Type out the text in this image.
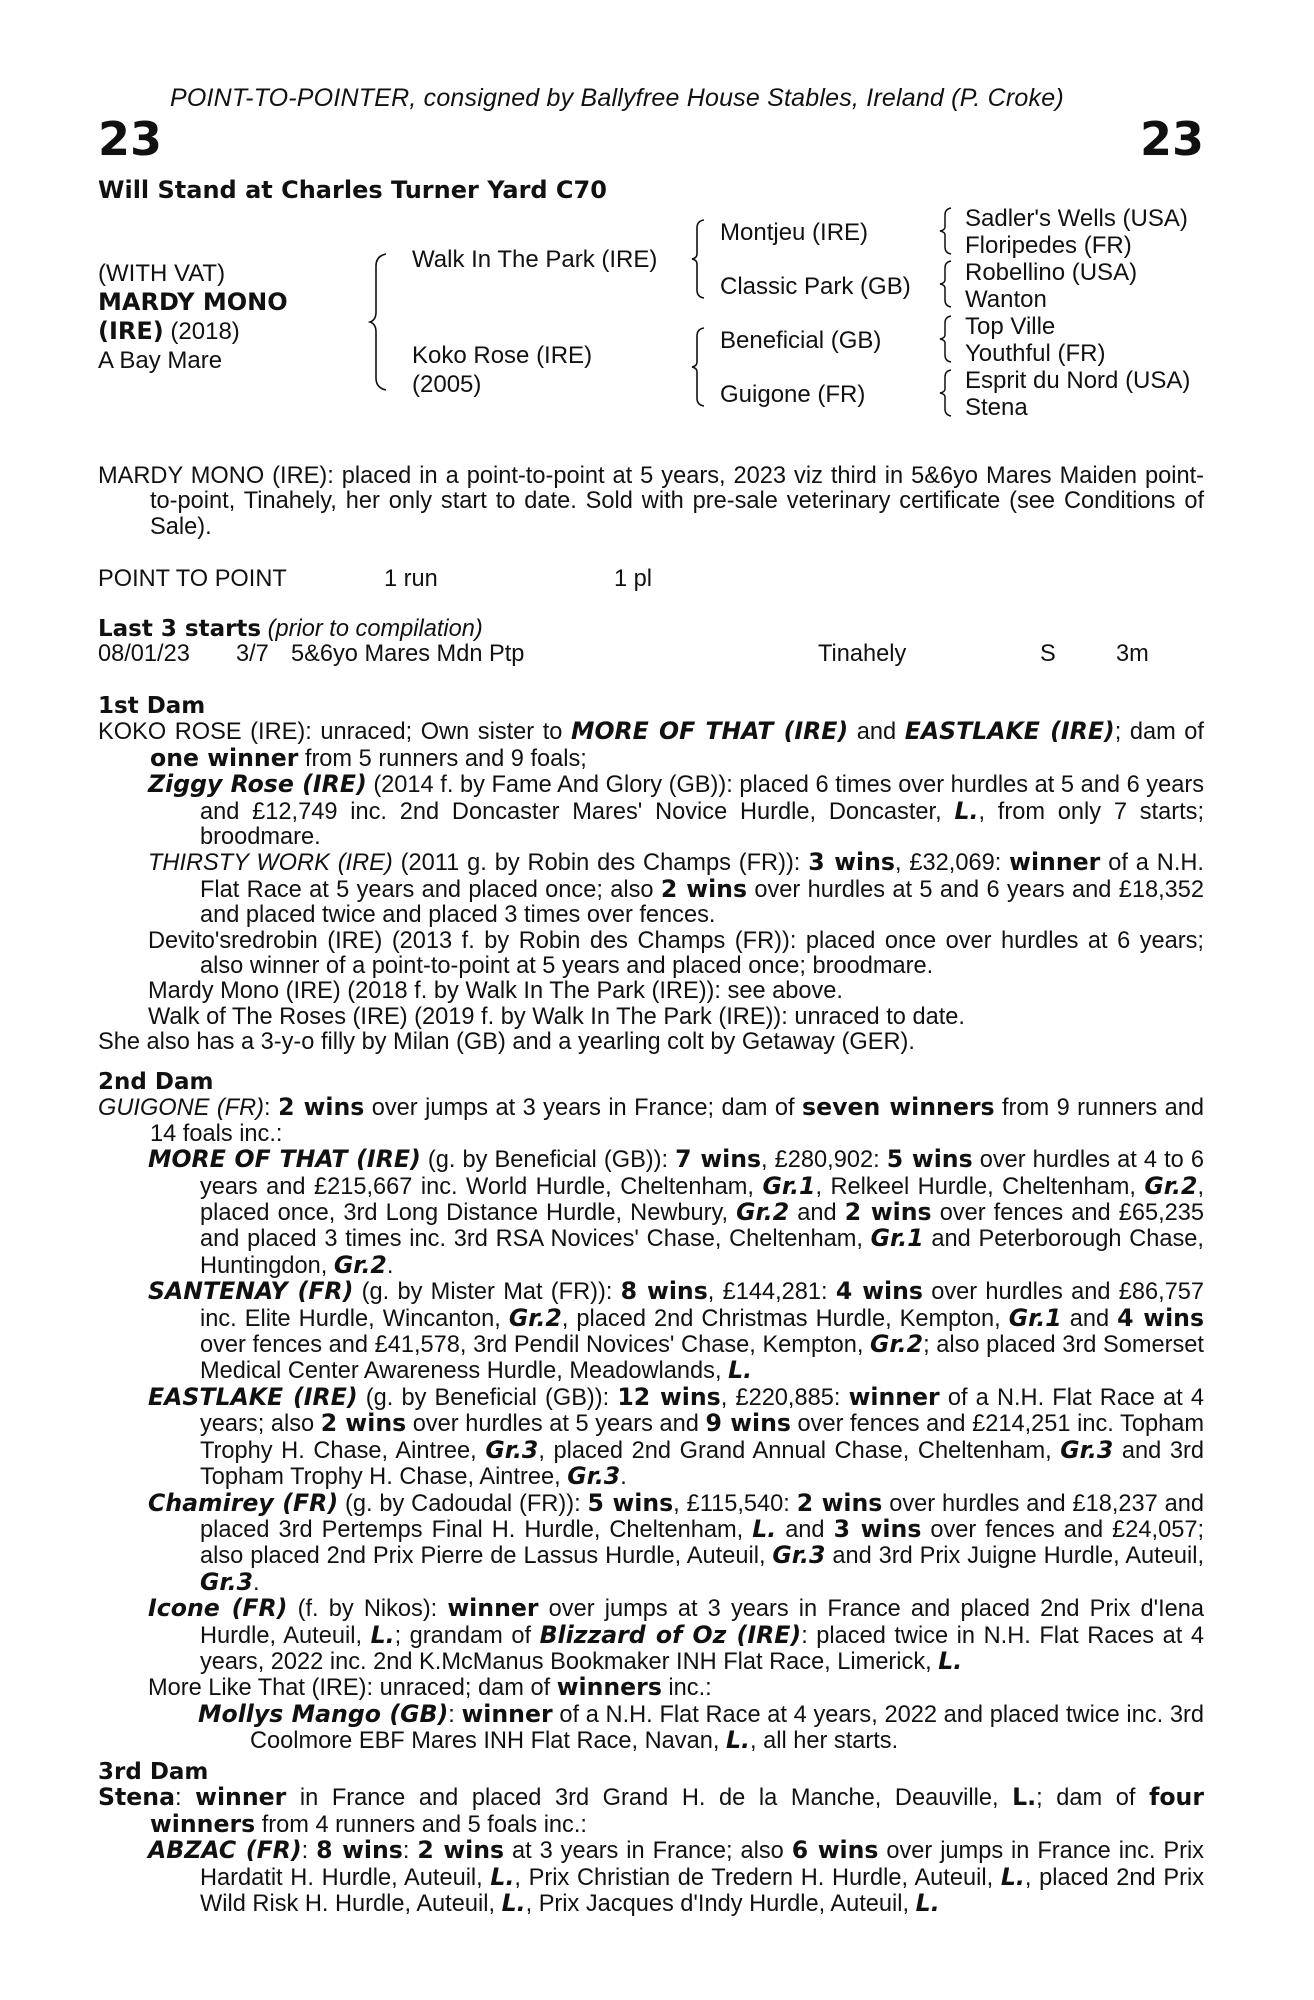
POINT-TO-POINTER, consigned by Ballyfree House Stables, Ireland (P. Croke)
23	23
Will Stand at Charles Turner Yard C70
(WITH VAT)
MARDY MONO
(IRE) (2018)
A Bay Mare
Walk In The Park (IRE)
Koko Rose (IRE)
(2005)
Montjeu (IRE)
Classic Park (GB)
Beneficial (GB)
Guigone (FR)
Sadler's Wells (USA)
Floripedes (FR)
Robellino (USA)
Wanton
Top Ville
Youthful (FR)
Esprit du Nord (USA)
Stena

MARDY MONO (IRE): placed in a point-to-point at 5 years, 2023 viz third in 5&6yo Mares Maiden point-to-point, Tinahely, her only start to date. Sold with pre-sale veterinary certificate (see Conditions of Sale).

POINT TO POINT	1 run	1 pl
Last 3 starts (prior to compilation)
08/01/23 3/7 5&6yo Mares Mdn Ptp	Tinahely	S	3m
1st Dam

KOKO ROSE (IRE): unraced; Own sister to MORE OF THAT (IRE) and EASTLAKE (IRE); dam of one winner from 5 runners and 9 foals;

Ziggy Rose (IRE) (2014 f. by Fame And Glory (GB)): placed 6 times over hurdles at 5 and 6 years and £12,749 inc. 2nd Doncaster Mares' Novice Hurdle, Doncaster, L., from only 7 starts; broodmare.

THIRSTY WORK (IRE) (2011 g. by Robin des Champs (FR)): 3 wins, £32,069: winner of a N.H. Flat Race at 5 years and placed once; also 2 wins over hurdles at 5 and 6 years and £18,352 and placed twice and placed 3 times over fences.

Devito'sredrobin (IRE) (2013 f. by Robin des Champs (FR)): placed once over hurdles at 6 years; also winner of a point-to-point at 5 years and placed once; broodmare.

Mardy Mono (IRE) (2018 f. by Walk In The Park (IRE)): see above.

Walk of The Roses (IRE) (2019 f. by Walk In The Park (IRE)): unraced to date.

She also has a 3-y-o filly by Milan (GB) and a yearling colt by Getaway (GER).

2nd Dam

GUIGONE (FR): 2 wins over jumps at 3 years in France; dam of seven winners from 9 runners and 14 foals inc.:

MORE OF THAT (IRE) (g. by Beneficial (GB)): 7 wins, £280,902: 5 wins over hurdles at 4 to 6 years and £215,667 inc. World Hurdle, Cheltenham, Gr.1, Relkeel Hurdle, Cheltenham, Gr.2, placed once, 3rd Long Distance Hurdle, Newbury, Gr.2 and 2 wins over fences and £65,235 and placed 3 times inc. 3rd RSA Novices' Chase, Cheltenham, Gr.1 and Peterborough Chase, Huntingdon, Gr.2.

SANTENAY (FR) (g. by Mister Mat (FR)): 8 wins, £144,281: 4 wins over hurdles and £86,757 inc. Elite Hurdle, Wincanton, Gr.2, placed 2nd Christmas Hurdle, Kempton, Gr.1 and 4 wins over fences and £41,578, 3rd Pendil Novices' Chase, Kempton, Gr.2; also placed 3rd Somerset Medical Center Awareness Hurdle, Meadowlands, L.

EASTLAKE (IRE) (g. by Beneficial (GB)): 12 wins, £220,885: winner of a N.H. Flat Race at 4 years; also 2 wins over hurdles at 5 years and 9 wins over fences and £214,251 inc. Topham Trophy H. Chase, Aintree, Gr.3, placed 2nd Grand Annual Chase, Cheltenham, Gr.3 and 3rd Topham Trophy H. Chase, Aintree, Gr.3.

Chamirey (FR) (g. by Cadoudal (FR)): 5 wins, £115,540: 2 wins over hurdles and £18,237 and placed 3rd Pertemps Final H. Hurdle, Cheltenham, L. and 3 wins over fences and £24,057; also placed 2nd Prix Pierre de Lassus Hurdle, Auteuil, Gr.3 and 3rd Prix Juigne Hurdle, Auteuil, Gr.3.

Icone (FR) (f. by Nikos): winner over jumps at 3 years in France and placed 2nd Prix d'Iena Hurdle, Auteuil, L.; grandam of Blizzard of Oz (IRE): placed twice in N.H. Flat Races at 4 years, 2022 inc. 2nd K.McManus Bookmaker INH Flat Race, Limerick, L.

More Like That (IRE): unraced; dam of winners inc.:

Mollys Mango (GB): winner of a N.H. Flat Race at 4 years, 2022 and placed twice inc. 3rd Coolmore EBF Mares INH Flat Race, Navan, L., all her starts.

3rd Dam

Stena: winner in France and placed 3rd Grand H. de la Manche, Deauville, L.; dam of four winners from 4 runners and 5 foals inc.:

ABZAC (FR): 8 wins: 2 wins at 3 years in France; also 6 wins over jumps in France inc. Prix Hardatit H. Hurdle, Auteuil, L., Prix Christian de Tredern H. Hurdle, Auteuil, L., placed 2nd Prix Wild Risk H. Hurdle, Auteuil, L., Prix Jacques d'Indy Hurdle, Auteuil, L.
